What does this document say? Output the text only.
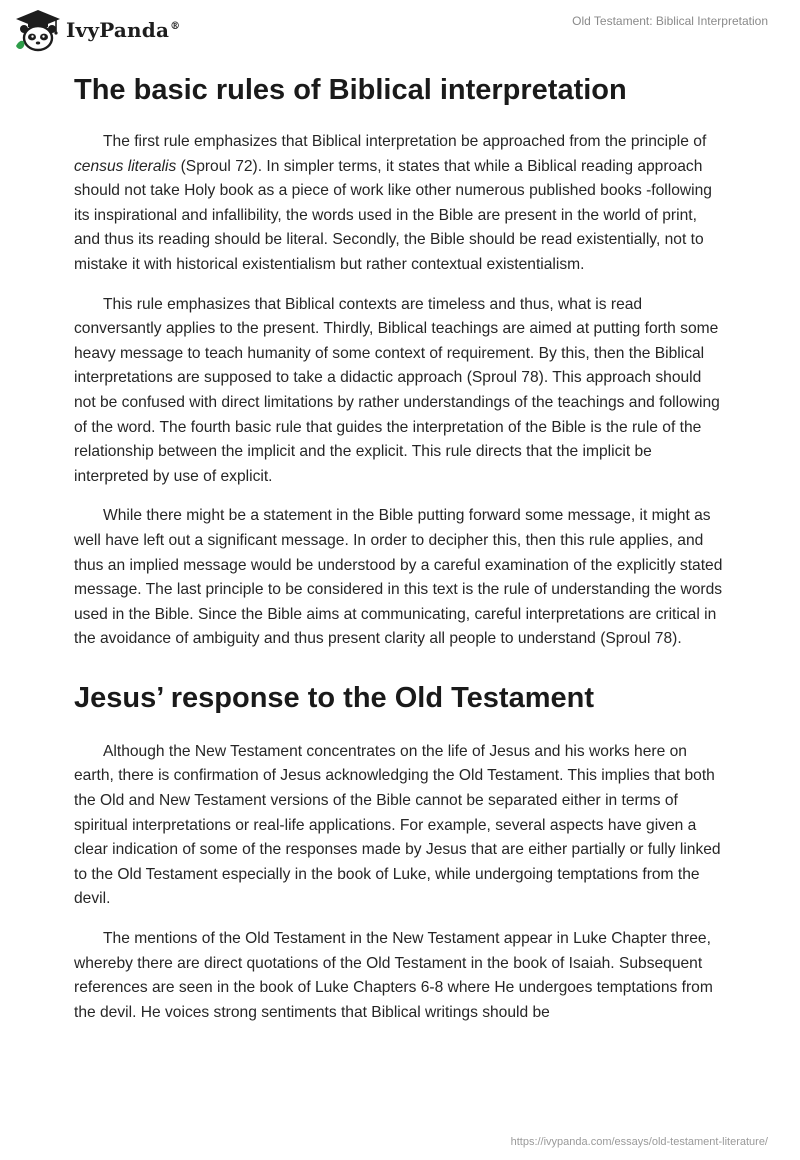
IvyPanda®	Old Testament: Biblical Interpretation
The basic rules of Biblical interpretation

The first rule emphasizes that Biblical interpretation be approached from the principle of census literalis (Sproul 72). In simpler terms, it states that while a Biblical reading approach should not take Holy book as a piece of work like other numerous published books -following its inspirational and infallibility, the words used in the Bible are present in the world of print, and thus its reading should be literal. Secondly, the Bible should be read existentially, not to mistake it with historical existentialism but rather contextual existentialism.

This rule emphasizes that Biblical contexts are timeless and thus, what is read conversantly applies to the present. Thirdly, Biblical teachings are aimed at putting forth some heavy message to teach humanity of some context of requirement. By this, then the Biblical interpretations are supposed to take a didactic approach (Sproul 78). This approach should not be confused with direct limitations by rather understandings of the teachings and following of the word. The fourth basic rule that guides the interpretation of the Bible is the rule of the relationship between the implicit and the explicit. This rule directs that the implicit be interpreted by use of explicit.

While there might be a statement in the Bible putting forward some message, it might as well have left out a significant message. In order to decipher this, then this rule applies, and thus an implied message would be understood by a careful examination of the explicitly stated message. The last principle to be considered in this text is the rule of understanding the words used in the Bible. Since the Bible aims at communicating, careful interpretations are critical in the avoidance of ambiguity and thus present clarity all people to understand (Sproul 78).

Jesus’ response to the Old Testament

Although the New Testament concentrates on the life of Jesus and his works here on earth, there is confirmation of Jesus acknowledging the Old Testament. This implies that both the Old and New Testament versions of the Bible cannot be separated either in terms of spiritual interpretations or real-life applications. For example, several aspects have given a clear indication of some of the responses made by Jesus that are either partially or fully linked to the Old Testament especially in the book of Luke, while undergoing temptations from the devil.

The mentions of the Old Testament in the New Testament appear in Luke Chapter three, whereby there are direct quotations of the Old Testament in the book of Isaiah. Subsequent references are seen in the book of Luke Chapters 6-8 where He undergoes temptations from the devil. He voices strong sentiments that Biblical writings should be

https://ivypanda.com/essays/old-testament-literature/
